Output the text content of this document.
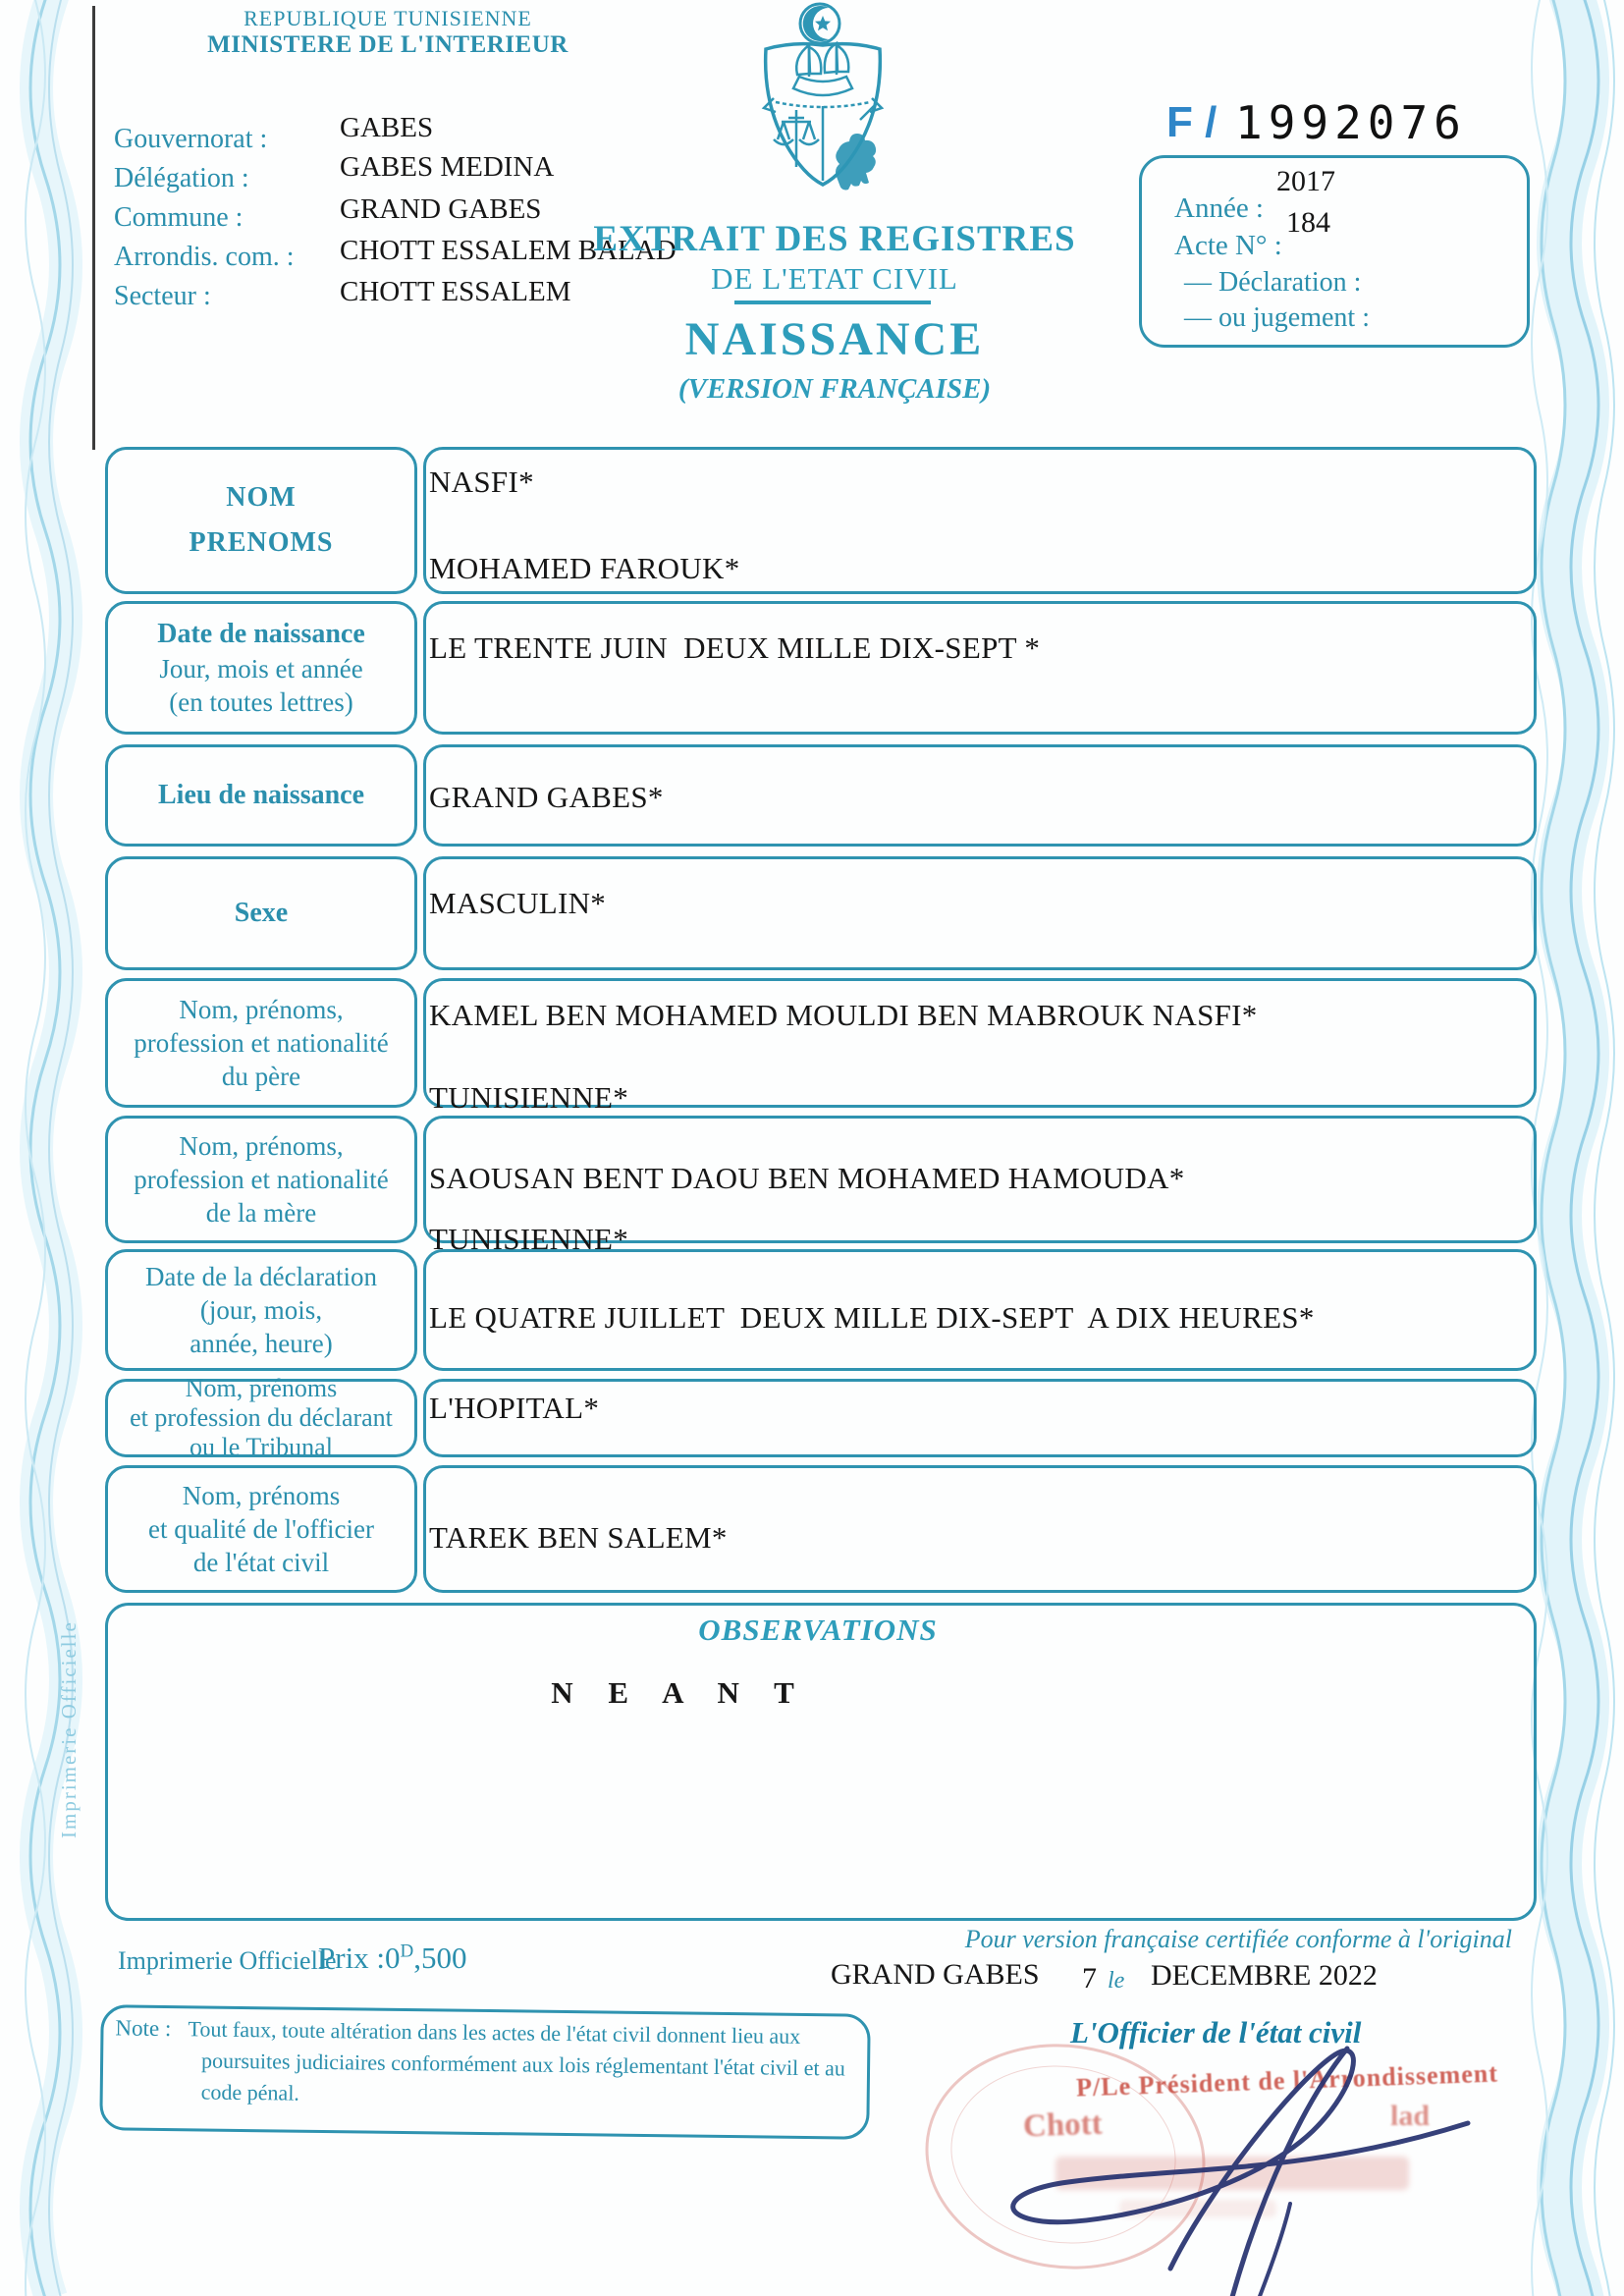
REPUBLIQUE TUNISIENNE
MINISTERE DE L'INTERIEUR
Gouvernorat :
Délégation :
Commune :
Arrondis. com. :
Secteur :
GABES
GABES MEDINA
GRAND GABES
CHOTT ESSALEM BALAD
CHOTT ESSALEM
EXTRAIT DES REGISTRES
DE L'ETAT CIVIL
NAISSANCE
(VERSION FRANÇAISE)
F / 1992076
2017
Année : 184
Acte N° :
— Déclaration :
— ou jugement :
NOM
PRENOMS
NASFI*
MOHAMED FAROUK*
Date de naissance
Jour, mois et année
(en toutes lettres)
LE TRENTE JUIN  DEUX MILLE DIX-SEPT *
Lieu de naissance GRAND GABES*
Sexe	MASCULIN*
Nom, prénoms,
profession et nationalité
du père
KAMEL BEN MOHAMED MOULDI BEN MABROUK NASFI*
TUNISIENNE*
Nom, prénoms,
profession et nationalité
de la mère
SAOUSAN BENT DAOU BEN MOHAMED HAMOUDA*
TUNISIENNE*
Date de la déclaration
(jour, mois,
année, heure)
LE QUATRE JUILLET  DEUX MILLE DIX-SEPT  A DIX HEURES*
Nom, prénoms
et profession du déclarant
ou le Tribunal
L'HOPITAL*
Nom, prénoms
et qualité de l'officier
de l'état civil
TAREK BEN SALEM*
OBSERVATIONS
N E A N T
Imprimerie Officielle
Imprimerie Officielle
Prix $:0^D,500$
Pour version française certifiée conforme à l'original
GRAND GABES 7 le DECEMBRE 2022
Note : Tout faux, toute altération dans les actes de l'état civil donnent lieu aux
poursuites judiciaires conformément aux lois réglementant l'état civil et au
code pénal.
L'Officier de l'état civil
P/Le Président de l'Arrondissement
Chott	lad
